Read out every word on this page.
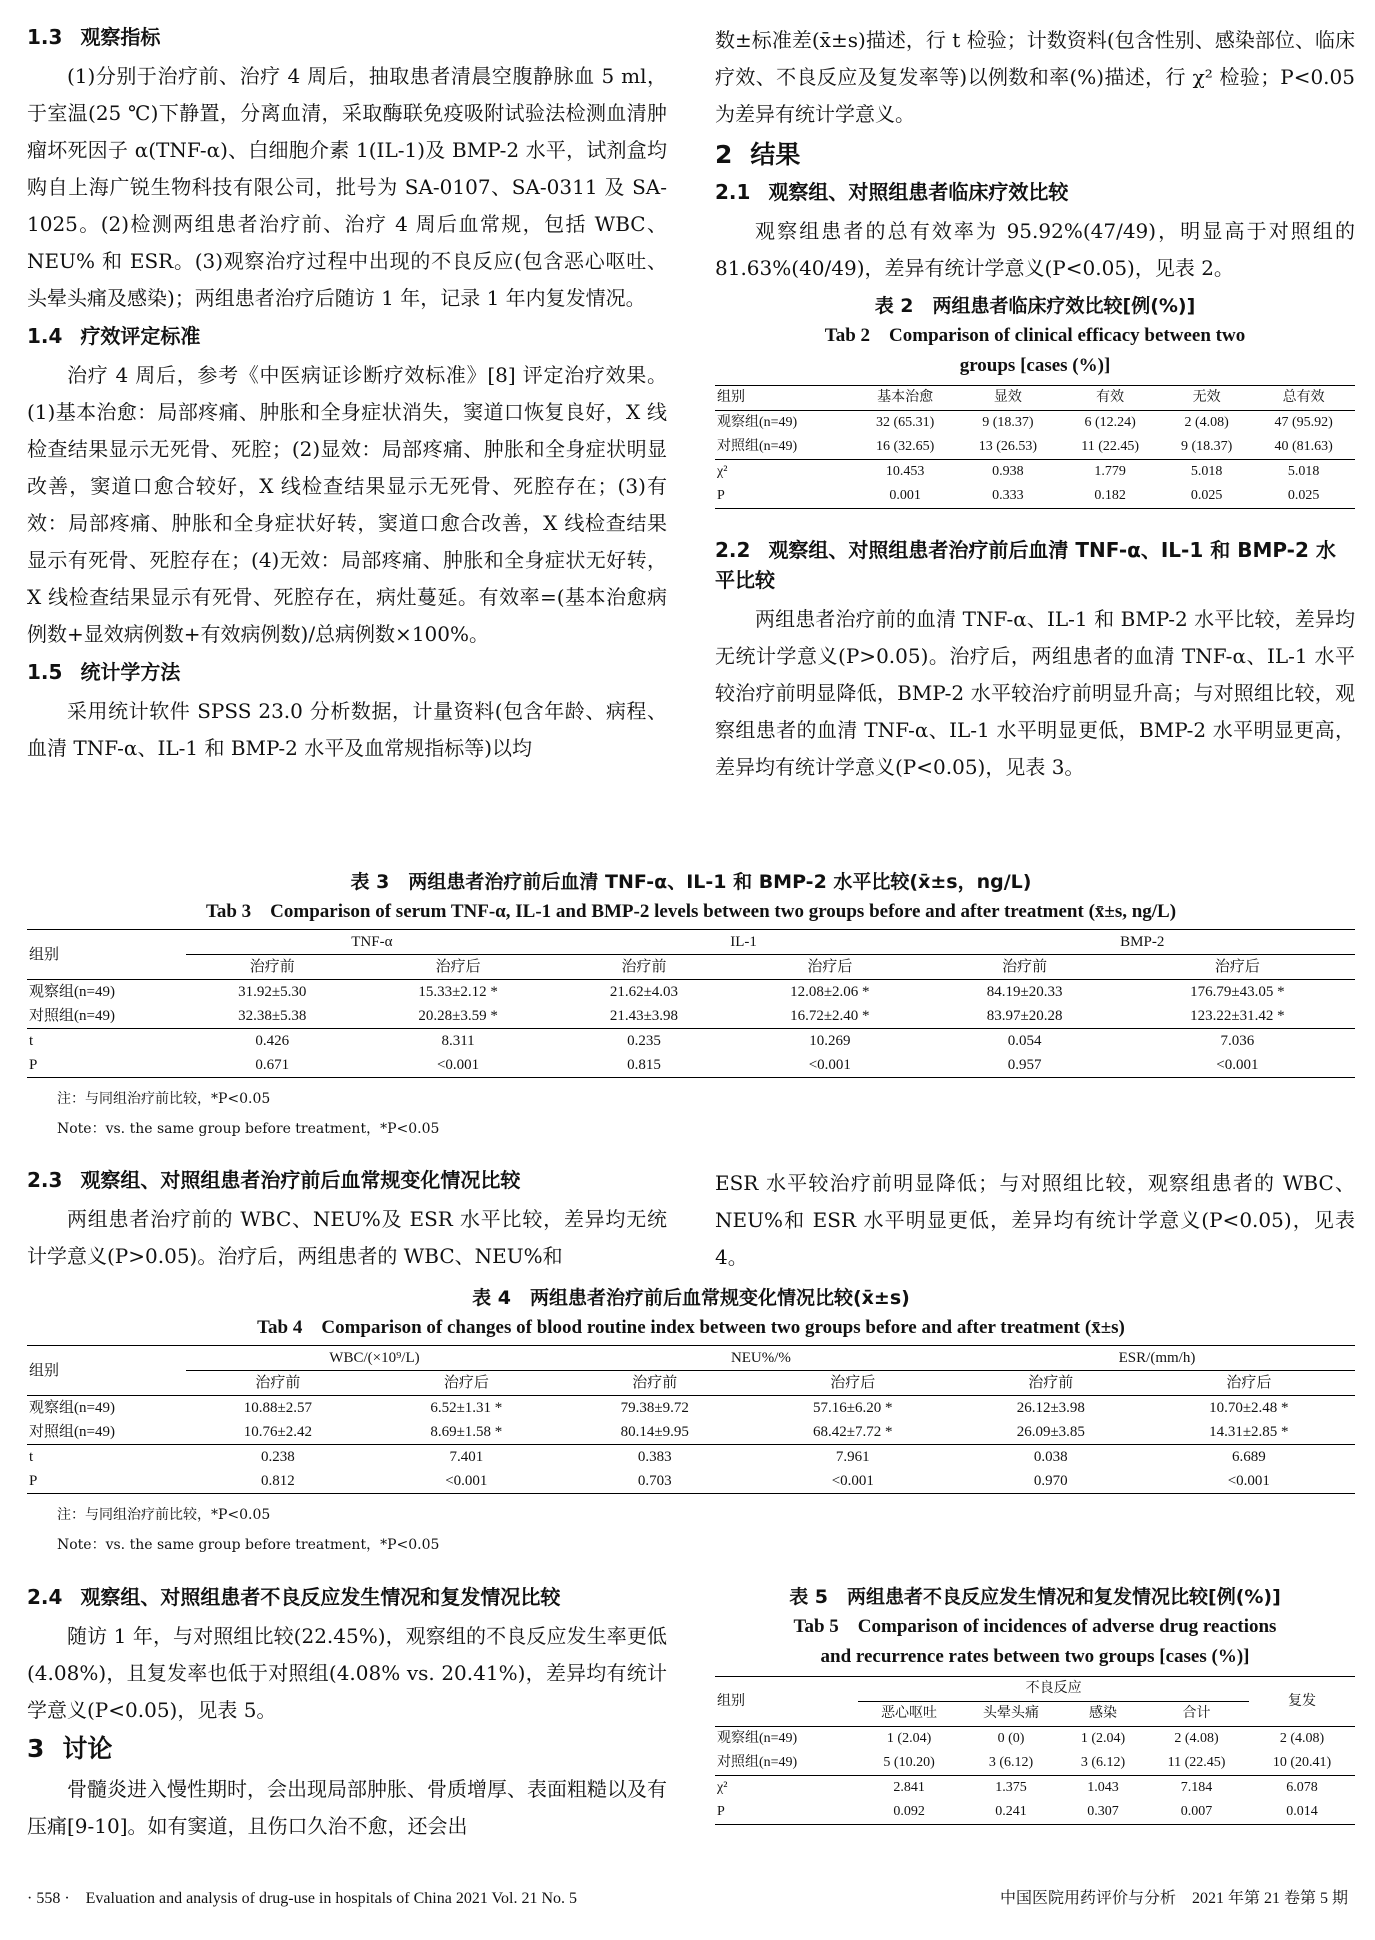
1.3 观察指标

(1)分别于治疗前、治疗 4 周后，抽取患者清晨空腹静脉血 5 ml，于室温(25 ℃)下静置，分离血清，采取酶联免疫吸附试验法检测血清肿瘤坏死因子 α(TNF-α)、白细胞介素 1(IL-1)及 BMP-2 水平，试剂盒均购自上海广锐生物科技有限公司，批号为 SA-0107、SA-0311 及 SA-1025。(2)检测两组患者治疗前、治疗 4 周后血常规，包括 WBC、NEU% 和 ESR。(3)观察治疗过程中出现的不良反应(包含恶心呕吐、头晕头痛及感染)；两组患者治疗后随访 1 年，记录 1 年内复发情况。

1.4 疗效评定标准

治疗 4 周后，参考《中医病证诊断疗效标准》[8] 评定治疗效果。(1)基本治愈：局部疼痛、肿胀和全身症状消失，窦道口恢复良好，X 线检查结果显示无死骨、死腔；(2)显效：局部疼痛、肿胀和全身症状明显改善，窦道口愈合较好，X 线检查结果显示无死骨、死腔存在；(3)有效：局部疼痛、肿胀和全身症状好转，窦道口愈合改善，X 线检查结果显示有死骨、死腔存在；(4)无效：局部疼痛、肿胀和全身症状无好转，X 线检查结果显示有死骨、死腔存在，病灶蔓延。有效率=(基本治愈病例数+显效病例数+有效病例数)/总病例数×100%。

1.5 统计学方法

采用统计软件 SPSS 23.0 分析数据，计量资料(包含年龄、病程、血清 TNF-α、IL-1 和 BMP-2 水平及血常规指标等)以均

数±标准差(x̄±s)描述，行 t 检验；计数资料(包含性别、感染部位、临床疗效、不良反应及复发率等)以例数和率(%)描述，行 χ² 检验；P<0.05 为差异有统计学意义。

2 结果
2.1 观察组、对照组患者临床疗效比较

观察组患者的总有效率为 95.92%(47/49)，明显高于对照组的 81.63%(40/49)，差异有统计学意义(P<0.05)，见表 2。

表 2　两组患者临床疗效比较[例(%)]
Tab 2　Comparison of clinical efficacy between two
groups [cases (%)]
组别	基本治愈	显效	有效	无效	总有效
观察组(n=49)	32 (65.31)	9 (18.37)	6 (12.24)	2 (4.08)	47 (95.92)
对照组(n=49)	16 (32.65)	13 (26.53)	11 (22.45)	9 (18.37)	40 (81.63)
χ²	10.453	0.938	1.779	5.018	5.018
P	0.001	0.333	0.182	0.025	0.025
2.2 观察组、对照组患者治疗前后血清 TNF-α、IL-1 和 BMP-2 水平比较

两组患者治疗前的血清 TNF-α、IL-1 和 BMP-2 水平比较，差异均无统计学意义(P>0.05)。治疗后，两组患者的血清 TNF-α、IL-1 水平较治疗前明显降低，BMP-2 水平较治疗前明显升高；与对照组比较，观察组患者的血清 TNF-α、IL-1 水平明显更低，BMP-2 水平明显更高，差异均有统计学意义(P<0.05)，见表 3。

表 3　两组患者治疗前后血清 TNF-α、IL-1 和 BMP-2 水平比较(x̄±s，ng/L)
Tab 3　Comparison of serum TNF-α, IL-1 and BMP-2 levels between two groups before and after treatment (x̄±s, ng/L)
组别	TNF-α		IL-1		BMP-2	
	治疗前	治疗后	治疗前	治疗后	治疗前	治疗后
观察组(n=49)	31.92±5.30	15.33±2.12 *	21.62±4.03	12.08±2.06 *	84.19±20.33	176.79±43.05 *
对照组(n=49)	32.38±5.38	20.28±3.59 *	21.43±3.98	16.72±2.40 *	83.97±20.28	123.22±31.42 *
t	0.426	8.311	0.235	10.269	0.054	7.036
P	0.671	<0.001	0.815	<0.001	0.957	<0.001
注：与同组治疗前比较，*P<0.05
Note：vs. the same group before treatment，*P<0.05
2.3 观察组、对照组患者治疗前后血常规变化情况比较

两组患者治疗前的 WBC、NEU%及 ESR 水平比较，差异均无统计学意义(P>0.05)。治疗后，两组患者的 WBC、NEU%和

ESR 水平较治疗前明显降低；与对照组比较，观察组患者的 WBC、NEU%和 ESR 水平明显更低，差异均有统计学意义(P<0.05)，见表 4。

表 4　两组患者治疗前后血常规变化情况比较(x̄±s)
Tab 4　Comparison of changes of blood routine index between two groups before and after treatment (x̄±s)
组别	WBC/(×10⁹/L)		NEU%/%		ESR/(mm/h)	
	治疗前	治疗后	治疗前	治疗后	治疗前	治疗后
观察组(n=49)	10.88±2.57	6.52±1.31 *	79.38±9.72	57.16±6.20 *	26.12±3.98	10.70±2.48 *
对照组(n=49)	10.76±2.42	8.69±1.58 *	80.14±9.95	68.42±7.72 *	26.09±3.85	14.31±2.85 *
t	0.238	7.401	0.383	7.961	0.038	6.689
P	0.812	<0.001	0.703	<0.001	0.970	<0.001
注：与同组治疗前比较，*P<0.05
Note：vs. the same group before treatment，*P<0.05
2.4 观察组、对照组患者不良反应发生情况和复发情况比较

随访 1 年，与对照组比较(22.45%)，观察组的不良反应发生率更低(4.08%)，且复发率也低于对照组(4.08% vs. 20.41%)，差异均有统计学意义(P<0.05)，见表 5。

3 讨论

骨髓炎进入慢性期时，会出现局部肿胀、骨质增厚、表面粗糙以及有压痛[9-10]。如有窦道，且伤口久治不愈，还会出

表 5　两组患者不良反应发生情况和复发情况比较[例(%)]
Tab 5　Comparison of incidences of adverse drug reactions
and recurrence rates between two groups [cases (%)]
组别	不良反应				复发
	恶心呕吐	头晕头痛	感染	合计	
观察组(n=49)	1 (2.04)	0 (0)	1 (2.04)	2 (4.08)	2 (4.08)
对照组(n=49)	5 (10.20)	3 (6.12)	3 (6.12)	11 (22.45)	10 (20.41)
χ²	2.841	1.375	1.043	7.184	6.078
P	0.092	0.241	0.307	0.007	0.014
· 558 ·　Evaluation and analysis of drug-use in hospitals of China 2021 Vol. 21 No. 5	中国医院用药评价与分析　2021 年第 21 卷第 5 期
